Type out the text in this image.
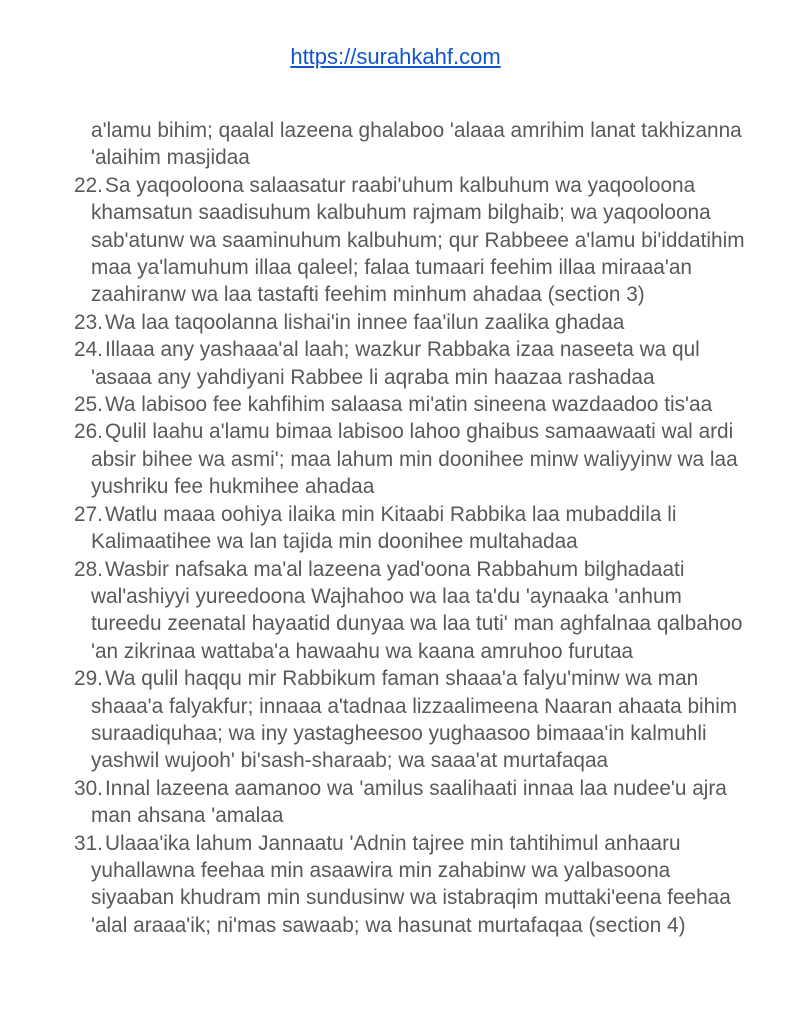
https://surahkahf.com
a'lamu bihim; qaalal lazeena ghalaboo 'alaaa amrihim lanat takhizanna
'alaihim masjidaa
22. Sa yaqooloona salaasatur raabi'uhum kalbuhum wa yaqooloona
khamsatun saadisuhum kalbuhum rajmam bilghaib; wa yaqooloona
sab'atunw wa saaminuhum kalbuhum; qur Rabbeee a'lamu bi'iddatihim
maa ya'lamuhum illaa qaleel; falaa tumaari feehim illaa miraaa'an
zaahiranw wa laa tastafti feehim minhum ahadaa (section 3)
23. Wa laa taqoolanna lishai'in innee faa'ilun zaalika ghadaa
24. Illaaa any yashaaa'al laah; wazkur Rabbaka izaa naseeta wa qul
'asaaa any yahdiyani Rabbee li aqraba min haazaa rashadaa
25. Wa labisoo fee kahfihim salaasa mi'atin sineena wazdaadoo tis'aa
26. Qulil laahu a'lamu bimaa labisoo lahoo ghaibus samaawaati wal ardi
absir bihee wa asmi'; maa lahum min doonihee minw waliyyinw wa laa
yushriku fee hukmihee ahadaa
27. Watlu maaa oohiya ilaika min Kitaabi Rabbika laa mubaddila li
Kalimaatihee wa lan tajida min doonihee multahadaa
28. Wasbir nafsaka ma'al lazeena yad'oona Rabbahum bilghadaati
wal'ashiyyi yureedoona Wajhahoo wa laa ta'du 'aynaaka 'anhum
tureedu zeenatal hayaatid dunyaa wa laa tuti' man aghfalnaa qalbahoo
'an zikrinaa wattaba'a hawaahu wa kaana amruhoo furutaa
29. Wa qulil haqqu mir Rabbikum faman shaaa'a falyu'minw wa man
shaaa'a falyakfur; innaaa a'tadnaa lizzaalimeena Naaran ahaata bihim
suraadiquhaa; wa iny yastagheesoo yughaasoo bimaaa'in kalmuhli
yashwil wujooh' bi'sash-sharaab; wa saaa'at murtafaqaa
30. Innal lazeena aamanoo wa 'amilus saalihaati innaa laa nudee'u ajra
man ahsana 'amalaa
31. Ulaaa'ika lahum Jannaatu 'Adnin tajree min tahtihimul anhaaru
yuhallawna feehaa min asaawira min zahabinw wa yalbasoona
siyaaban khudram min sundusinw wa istabraqim muttaki'eena feehaa
'alal araaa'ik; ni'mas sawaab; wa hasunat murtafaqaa (section 4)
